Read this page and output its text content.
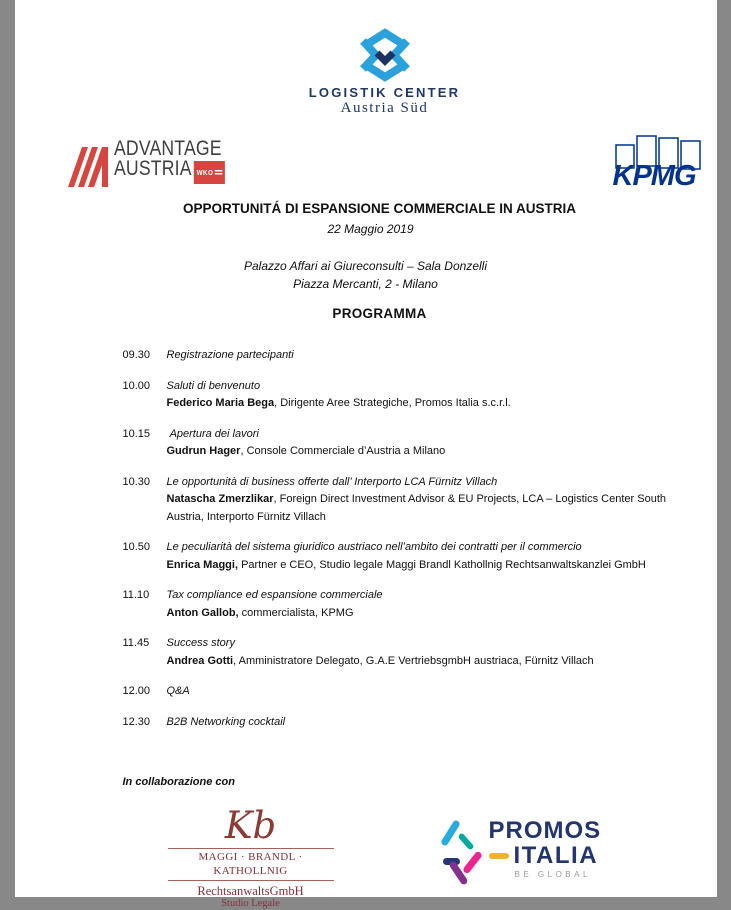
LOGISTIK CENTER
Austria Süd
ADVANTAGE
AUSTRIA WKO	KPMG
OPPORTUNITÁ DI ESPANSIONE COMMERCIALE IN AUSTRIA
22 Maggio 2019
Palazzo Affari ai Giureconsulti – Sala Donzelli
Piazza Mercanti, 2 - Milano
PROGRAMMA
09.30	Registrazione partecipanti
10.00	Saluti di benvenuto
Federico Maria Bega, Dirigente Aree Strategiche, Promos Italia s.c.r.l.
10.15	Apertura dei lavori
Gudrun Hager, Console Commerciale d’Austria a Milano
10.30	Le opportunità di business offerte dall’ Interporto LCA Fürnitz Villach
Natascha Zmerzlikar, Foreign Direct Investment Advisor & EU Projects, LCA – Logistics Center South Austria, Interporto Fürnitz Villach
10.50	Le peculiarità del sistema giuridico austriaco nell’ambito dei contratti per il commercio
Enrica Maggi, Partner e CEO, Studio legale Maggi Brandl Kathollnig Rechtsanwaltskanzlei GmbH
11.10	Tax compliance ed espansione commerciale
Anton Gallob, commercialista, KPMG
11.45	Success story
Andrea Gotti, Amministratore Delegato, G.A.E VertriebsgmbH austriaca, Fürnitz Villach
12.00	Q&A
12.30	B2B Networking cocktail
In collaborazione con
Kb
MAGGI · BRANDL · KATHOLLNIG
RechtsanwaltsGmbH
Studio Legale
PROMOS
ITALIA
BE GLOBAL
